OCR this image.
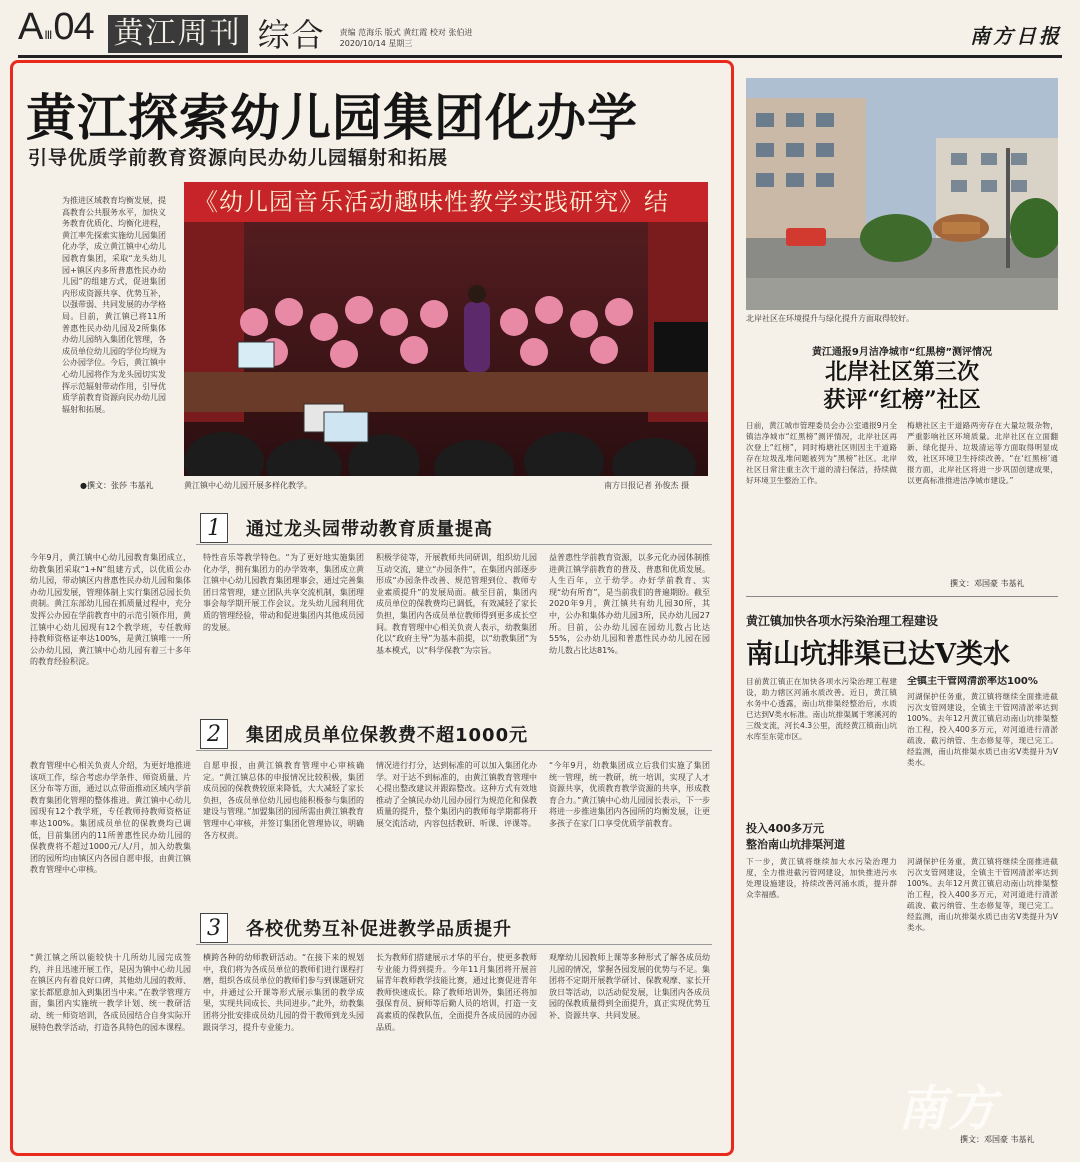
AIII04 黄江周刊 综合 责编 范海乐 版式 黄红霞 校对 张伯进
2020/10/14 星期三	南方日报
黄江探索幼儿园集团化办学
引导优质学前教育资源向民办幼儿园辐射和拓展
为推进区域教育均衡发展，提高教育公共服务水平，加快义务教育优质化、均衡化进程，黄江率先探索实施幼儿园集团化办学，成立黄江镇中心幼儿园教育集团，采取“龙头幼儿园+镇区内多所普惠性民办幼儿园”的组建方式，促进集团内形成资源共享、优势互补，以强带弱、共同发展的办学格局。目前，黄江镇已将11所普惠性民办幼儿园及2所集体办幼儿园纳入集团化管理，各成员单位幼儿园的学位均规为公办园学位。今后，黄江镇中心幼儿园将作为龙头园切实发挥示范辐射带动作用，引导优质学前教育资源向民办幼儿园辐射和拓展。
●撰文：张莎 韦基礼
《幼儿园音乐活动趣味性教学实践研究》结
黄江镇中心幼儿园开展多样化教学。	南方日报记者 孙俊杰 摄
1	通过龙头园带动教育质量提高
今年9月，黄江镇中心幼儿园教育集团成立，幼教集团采取“1+N”组建方式，以优质公办幼儿园，带动镇区内普惠性民办幼儿园和集体办幼儿园发展，管理体制上实行集团总园长负责制。黄江东部幼儿园在抓质量过程中，充分发挥公办园在学前教育中的示范引领作用，黄江镇中心幼儿园现有12个教学班，专任教师持教师资格证率达100%，是黄江镇唯一一所公办幼儿园，黄江镇中心幼儿园有着三十多年的教育经验积淀。
特性音乐等教学特色。“为了更好地实施集团化办学，拥有集团力的办学效率，集团成立黄江镇中心幼儿园教育集团理事会，通过完善集团日常管理，建立团队共享交流机制，集团理事会每学期开展工作会议。龙头幼儿园利用优质的管理经验，带动和促进集团内其他成员园的发展。
积极学徒等，开展教师共同研训，组织幼儿园互动交流，建立“办园条件”，在集团内部逐步形成“办园条件改善、规范管理到位、教师专业素质提升”的发展局面。截至目前，集团内成员单位的保教费均已调低，有效减轻了家长负担，集团内各成员单位教师得到更多成长空间。教育管理中心相关负责人表示，幼教集团化以“政府主导”为基本前提，以“幼教集团”为基本模式，以“科学保教”为宗旨。
益普惠性学前教育资源，以多元化办园体制推进黄江镇学前教育的普及、普惠和优质发展。人生百年，立于幼学。办好学前教育、实现“幼有所育”，是当前我们的普遍期盼。截至2020年9月，黄江镇共有幼儿园30所，其中，公办和集体办幼儿园3所，民办幼儿园27所。目前，公办幼儿园在园幼儿数占比达55%，公办幼儿园和普惠性民办幼儿园在园幼儿数占比达81%。
2	集团成员单位保教费不超1000元
教育管理中心相关负责人介绍，为更好地推进该项工作，综合考虑办学条件、师资质量、片区分布等方面，通过以点带面推动区域内学前教育集团化管理的整体推进。黄江镇中心幼儿园现有12个教学班，专任教师持教师资格证率达100%。集团成员单位的保教费均已调低，目前集团内的11所普惠性民办幼儿园的保教费将不超过1000元/人/月，加入幼教集团的园所均由镇区内各园自愿申报，由黄江镇教育管理中心审核。
自愿申报，由黄江镇教育管理中心审核确定。“黄江镇总体的申报情况比较积极，集团成员园的保教费较原来降低，大大减轻了家长负担，各成员单位幼儿园也能积极参与集团的建设与管理。”加盟集团的园所需由黄江镇教育管理中心审核，并签订集团化管理协议，明确各方权责。
情况进行打分，达到标准的可以加入集团化办学。对于达不到标准的，由黄江镇教育管理中心提出整改建议并跟踪整改。这种方式有效地推动了全镇民办幼儿园办园行为规范化和保教质量的提升，整个集团内的教师每学期都将开展交流活动，内容包括教研、听课、评课等。
“今年9月，幼教集团成立后我们实施了集团统一管理，统一教研，统一培训，实现了人才资源共享，优质教育教学资源的共享，形成教育合力。”黄江镇中心幼儿园园长表示，下一步将进一步推进集团内各园所的均衡发展，让更多孩子在家门口享受优质学前教育。
3	各校优势互补促进教学品质提升
“黄江镇之所以能较快十几所幼儿园完成签约，并且迅速开展工作，是因为镇中心幼儿园在镇区内有着良好口碑，其他幼儿园的教师、家长都愿意加入到集团当中来。”在教学管理方面，集团内实施统一教学计划、统一教研活动、统一师资培训，各成员园结合自身实际开展特色教学活动，打造各具特色的园本课程。
横跨各种的幼师教研活动。“在接下来的规划中，我们将为各成员单位的教师们进行课程打磨，组织各成员单位的教师们参与到课题研究中，并通过公开课等形式展示集团的教学成果，实现共同成长、共同进步。”此外，幼教集团将分批安排成员幼儿园的骨干教师到龙头园跟岗学习，提升专业能力。
长为教师们搭建展示才华的平台，使更多教师专业能力得到提升。今年11月集团将开展首届青年教师教学技能比赛，通过比赛促进青年教师快速成长。除了教师培训外，集团还将加强保育员、厨师等后勤人员的培训，打造一支高素质的保教队伍，全面提升各成员园的办园品质。
观摩幼儿园教师上课等多种形式了解各成员幼儿园的情况，掌握各园发展的优势与不足。集团将不定期开展教学研讨、保教观摩、家长开放日等活动，以活动促发展，让集团内各成员园的保教质量得到全面提升，真正实现优势互补、资源共享、共同发展。
北岸社区在环境提升与绿化提升方面取得较好。
黄江通报9月洁净城市“红黑榜”测评情况
北岸社区第三次
获评“红榜”社区
日前，黄江城市管理委员会办公室通报9月全镇洁净城市“红黑榜”测评情况，北岸社区再次登上“红榜”，同时梅塘社区则因主干道路存在垃圾乱堆问题被列为“黑榜”社区。北岸社区日常注重主次干道的清扫保洁，持续做好环境卫生整治工作。
梅塘社区主干道路两旁存在大量垃圾杂物，严重影响社区环境质量。北岸社区在立面翻新、绿化提升、垃圾清运等方面取得明显成效，社区环境卫生持续改善。“在‘红黑榜’通报方面，北岸社区将进一步巩固创建成果，以更高标准推进洁净城市建设。”
撰文：邓国豪 韦基礼
黄江镇加快各项水污染治理工程建设
南山坑排渠已达Ⅴ类水
目前黄江镇正在加快各项水污染治理工程建设，助力辖区河涌水质改善。近日，黄江镇水务中心透露，南山坑排渠经整治后，水质已达到Ⅴ类水标准。南山坑排渠属于寒溪河的三级支流，河长4.3公里，流经黄江镇南山坑水库至东莞市区。
全镇主干管网清淤率达100%
河湖保护任务重，黄江镇将继续全面推进截污次支管网建设，全镇主干管网清淤率达到100%。去年12月黄江镇启动南山坑排渠整治工程，投入400多万元，对河道进行清淤疏浚、截污纳管、生态修复等，现已完工。经监测，南山坑排渠水质已由劣Ⅴ类提升为Ⅴ类水。
投入400多万元
整治南山坑排渠河道
下一步，黄江镇将继续加大水污染治理力度，全力推进截污管网建设，加快推进污水处理设施建设，持续改善河涌水质，提升群众幸福感。
河湖保护任务重，黄江镇将继续全面推进截污次支管网建设，全镇主干管网清淤率达到100%。去年12月黄江镇启动南山坑排渠整治工程，投入400多万元，对河道进行清淤疏浚、截污纳管、生态修复等，现已完工。经监测，南山坑排渠水质已由劣Ⅴ类提升为Ⅴ类水。
撰文：邓国豪 韦基礼
南方
